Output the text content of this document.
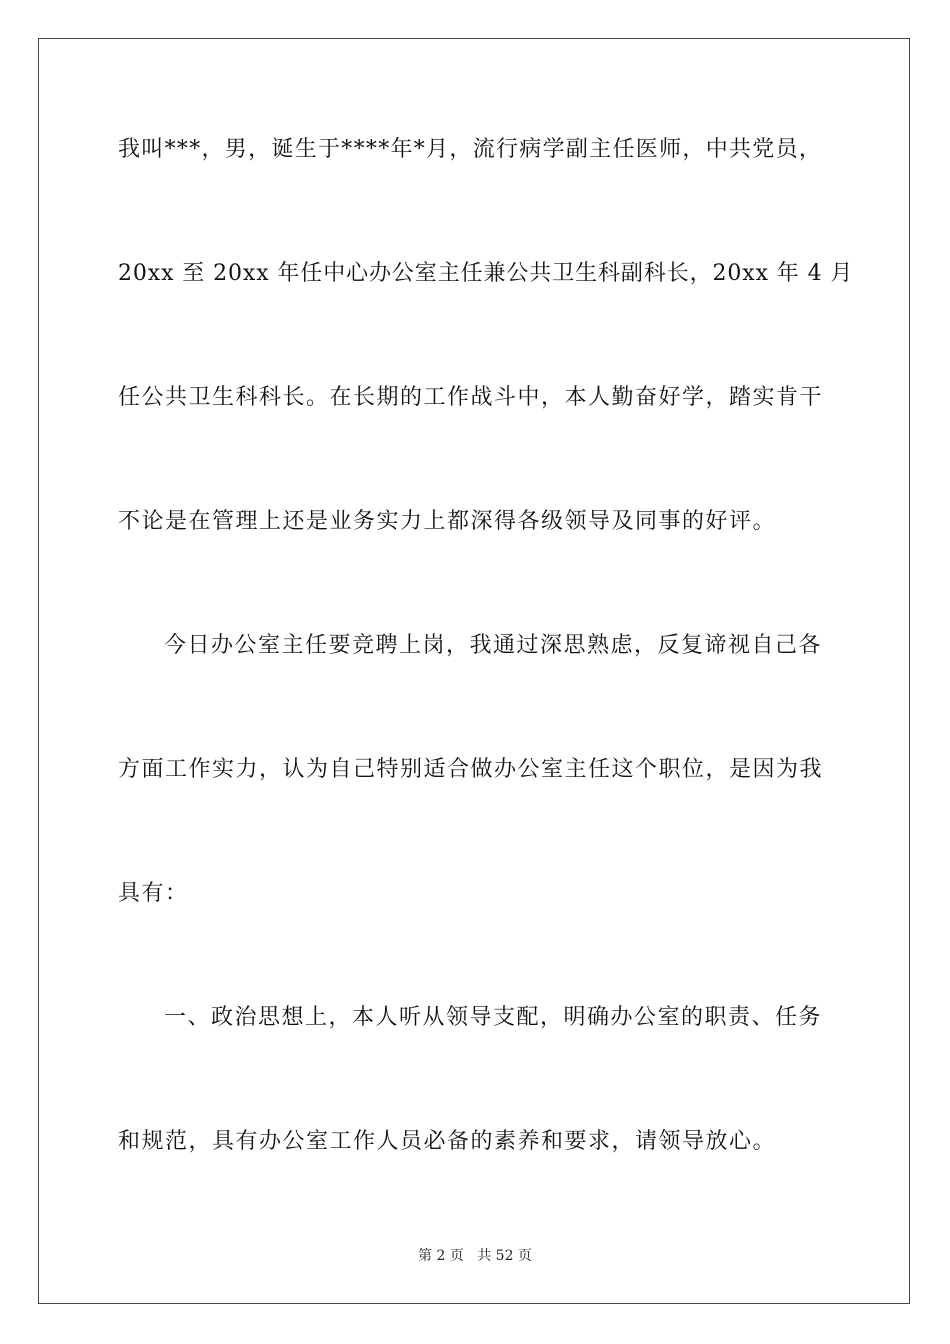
我叫***，男，诞生于****年*月，流行病学副主任医师，中共党员，
20xx 至 20xx 年任中心办公室主任兼公共卫生科副科长，20xx 年 4 月
任公共卫生科科长。在长期的工作战斗中，本人勤奋好学，踏实肯干
不论是在管理上还是业务实力上都深得各级领导及同事的好评。
今日办公室主任要竞聘上岗，我通过深思熟虑，反复谛视自己各
方面工作实力，认为自己特别适合做办公室主任这个职位，是因为我
具有：
一、政治思想上，本人听从领导支配，明确办公室的职责、任务
和规范，具有办公室工作人员必备的素养和要求，请领导放心。
第 2 页 共 52 页
